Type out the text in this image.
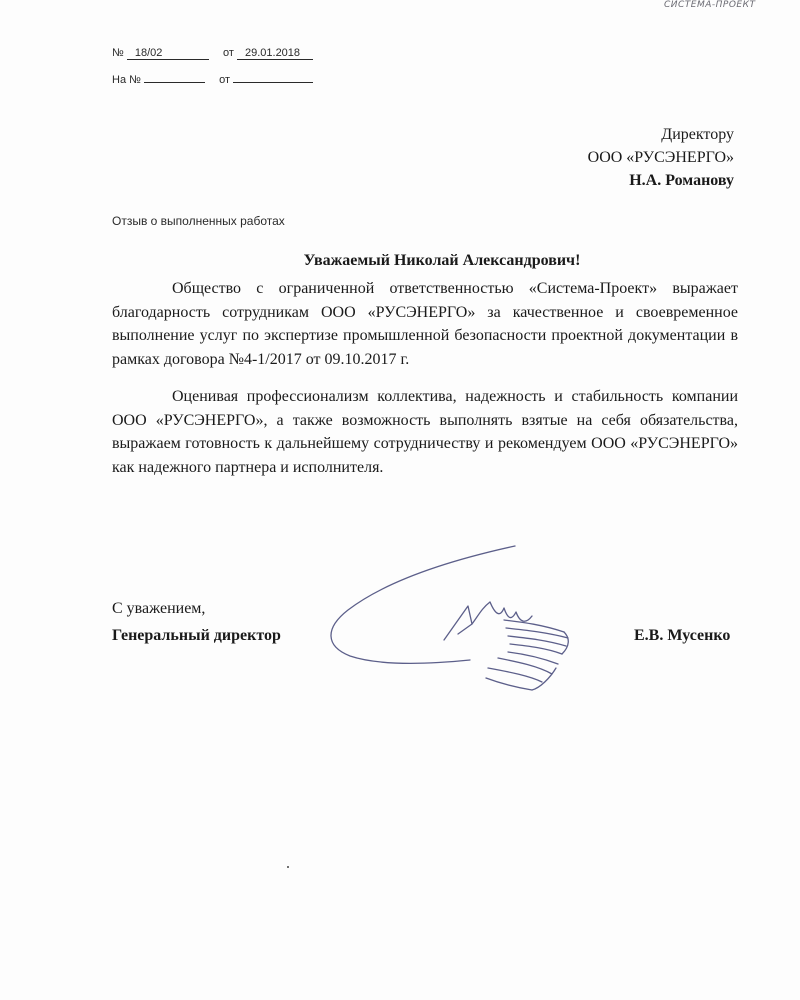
СИСТЕМА-ПРОЕКТ
№ 18/02	от 29.01.2018
На №	от
Директору
ООО «РУСЭНЕРГО»
Н.А. Романову
Отзыв о выполненных работах
Уважаемый Николай Александрович!

Общество с ограниченной ответственностью «Система-Проект» выражает благодарность сотрудникам ООО «РУСЭНЕРГО» за качественное и своевременное выполнение услуг по экспертизе промышленной безопасности проектной документации в рамках договора №4-1/2017 от 09.10.2017 г.

Оценивая профессионализм коллектива, надежность и стабильность компании ООО «РУСЭНЕРГО», а также возможность выполнять взятые на себя обязательства, выражаем готовность к дальнейшему сотрудничеству и рекомендуем ООО «РУСЭНЕРГО» как надежного партнера и исполнителя.

С уважением,
Генеральный директор	Е.В. Мусенко
